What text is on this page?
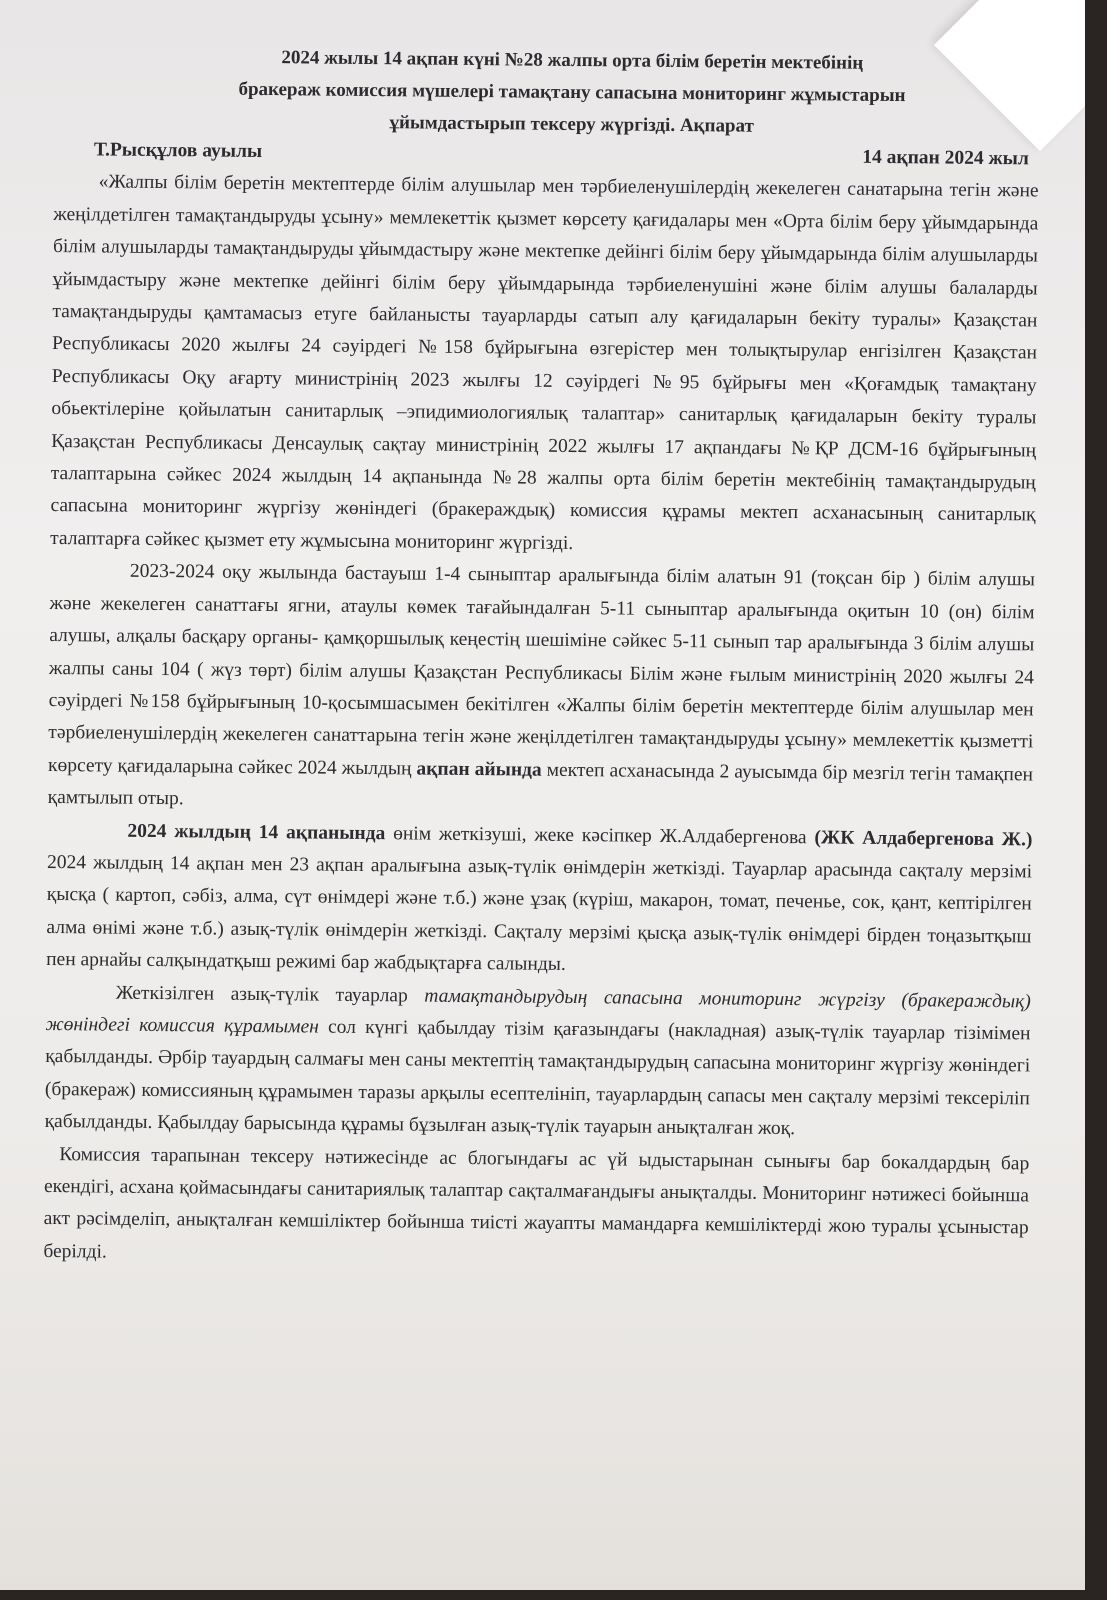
2024 жылы 14 ақпан күні №28 жалпы орта білім беретін мектебінің
бракераж комиссия мүшелері тамақтану сапасына мониторинг жұмыстарын
ұйымдастырып тексеру жүргізді. Ақпарат
Т.Рысқұлов ауылы	14 ақпан 2024 жыл

«Жалпы білім беретін мектептерде білім алушылар мен тәрбиеленушілердің жекелеген санатарына тегін және жеңілдетілген тамақтандыруды ұсыну» мемлекеттік қызмет көрсету қағидалары мен «Орта білім беру ұйымдарында білім алушыларды тамақтандыруды ұйымдастыру және мектепке дейінгі білім беру ұйымдарында білім алушыларды ұйымдастыру және мектепке дейінгі білім беру ұйымдарында тәрбиеленушіні және білім алушы балаларды тамақтандыруды қамтамасыз етуге байланысты тауарларды сатып алу қағидаларын бекіту туралы» Қазақстан Республикасы 2020 жылғы 24 сәуірдегі №158 бұйрығына өзгерістер мен толықтырулар енгізілген Қазақстан Республикасы Оқу ағарту министрінің 2023 жылғы 12 сәуірдегі №95 бұйрығы мен «Қоғамдық тамақтану обьектілеріне қойылатын санитарлық –эпидимиологиялық талаптар» санитарлық қағидаларын бекіту туралы Қазақстан Республикасы Денсаулық сақтау министрінің 2022 жылғы 17 ақпандағы №ҚР ДСМ-16 бұйрығының талаптарына сәйкес 2024 жылдың 14 ақпанында №28 жалпы орта білім беретін мектебінің тамақтандырудың сапасына мониторинг жүргізу жөніндегі (бракераждық) комиссия құрамы мектеп асханасының санитарлық талаптарға сәйкес қызмет ету жұмысына мониторинг жүргізді.

2023-2024 оқу жылында бастауыш 1-4 сыныптар аралығында білім алатын 91 (тоқсан бір ) білім алушы және жекелеген санаттағы ягни, атаулы көмек тағайындалған 5-11 сыныптар аралығында оқитын 10 (он) білім алушы, алқалы басқару органы- қамқоршылық кеңестің шешіміне сәйкес 5-11 сынып тар аралығында 3 білім алушы жалпы саны 104 ( жүз төрт) білім алушы Қазақстан Республикасы Білім және ғылым министрінің 2020 жылғы 24 сәуірдегі №158 бұйрығының 10-қосымшасымен бекітілген «Жалпы білім беретін мектептерде білім алушылар мен тәрбиеленушілердің жекелеген санаттарына тегін және жеңілдетілген тамақтандыруды ұсыну» мемлекеттік қызметті көрсету қағидаларына сәйкес 2024 жылдың ақпан айында мектеп асханасында 2 ауысымда бір мезгіл тегін тамақпен қамтылып отыр.

2024 жылдың 14 ақпанында өнім жеткізуші, жеке кәсіпкер Ж.Алдабергенова (ЖК Алдабергенова Ж.) 2024 жылдың 14 ақпан мен 23 ақпан аралығына азық-түлік өнімдерін жеткізді. Тауарлар арасында сақталу мерзімі қысқа ( картоп, сәбіз, алма, сүт өнімдері және т.б.) және ұзақ (күріш, макарон, томат, печенье, сок, қант, кептірілген алма өнімі және т.б.) азық-түлік өнімдерін жеткізді. Сақталу мерзімі қысқа азық-түлік өнімдері бірден тоңазытқыш пен арнайы салқындатқыш режимі бар жабдықтарға салынды.

Жеткізілген азық-түлік тауарлар тамақтандырудың сапасына мониторинг жүргізу (бракераждық) жөніндегі комиссия құрамымен сол күнгі қабылдау тізім қағазындағы (накладная) азық-түлік тауарлар тізімімен қабылданды. Әрбір тауардың салмағы мен саны мектептің тамақтандырудың сапасына мониторинг жүргізу жөніндегі (бракераж) комиссияның құрамымен таразы арқылы есептелініп, тауарлардың сапасы мен сақталу мерзімі тексеріліп қабылданды. Қабылдау барысында құрамы бұзылған азық-түлік тауарын анықталған жоқ.

Комиссия тарапынан тексеру нәтижесінде ас блогындағы ас үй ыдыстарынан сынығы бар бокалдардың бар екендігі, асхана қоймасындағы санитариялық талаптар сақталмағандығы анықталды. Мониторинг нәтижесі бойынша акт рәсімделіп, анықталған кемшіліктер бойынша тиісті жауапты мамандарға кемшіліктерді жою туралы ұсыныстар берілді.
